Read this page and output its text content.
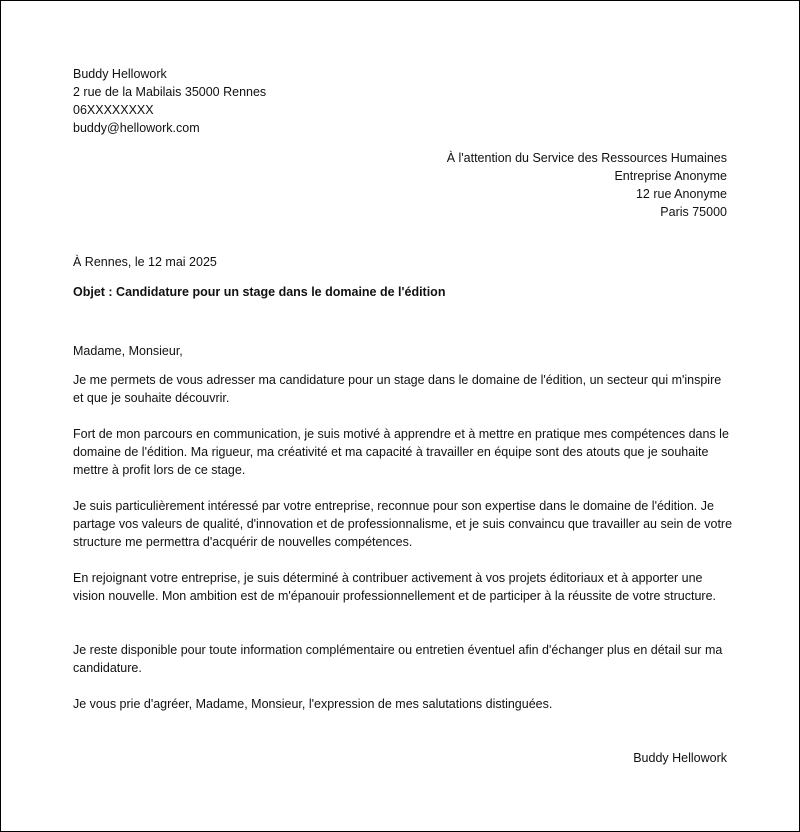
Buddy Hellowork
2 rue de la Mabilais 35000 Rennes
06XXXXXXXX
buddy@hellowork.com
À l'attention du Service des Ressources Humaines
Entreprise Anonyme
12 rue Anonyme
Paris 75000
À Rennes, le 12 mai 2025
Objet : Candidature pour un stage dans le domaine de l'édition
Madame, Monsieur,
Je me permets de vous adresser ma candidature pour un stage dans le domaine de l'édition, un secteur qui m'inspire et que je souhaite découvrir.
Fort de mon parcours en communication, je suis motivé à apprendre et à mettre en pratique mes compétences dans le domaine de l'édition. Ma rigueur, ma créativité et ma capacité à travailler en équipe sont des atouts que je souhaite mettre à profit lors de ce stage.
Je suis particulièrement intéressé par votre entreprise, reconnue pour son expertise dans le domaine de l'édition. Je partage vos valeurs de qualité, d'innovation et de professionnalisme, et je suis convaincu que travailler au sein de votre structure me permettra d'acquérir de nouvelles compétences.
En rejoignant votre entreprise, je suis déterminé à contribuer activement à vos projets éditoriaux et à apporter une vision nouvelle. Mon ambition est de m'épanouir professionnellement et de participer à la réussite de votre structure.
Je reste disponible pour toute information complémentaire ou entretien éventuel afin d'échanger plus en détail sur ma candidature.
Je vous prie d'agréer, Madame, Monsieur, l'expression de mes salutations distinguées.
Buddy Hellowork
